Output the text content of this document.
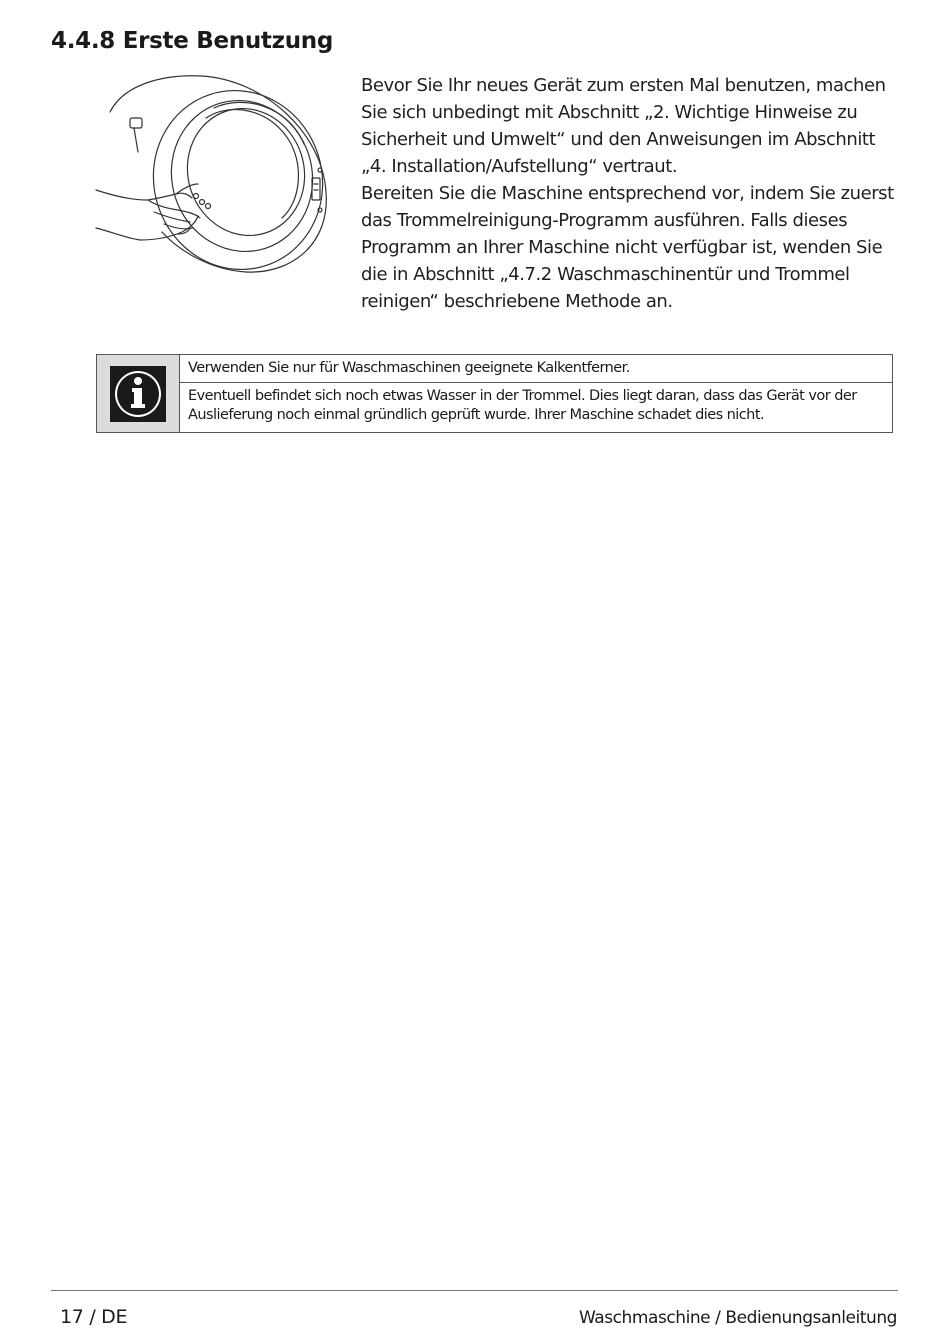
4.4.8 Erste Benutzung

Bevor Sie Ihr neues Gerät zum ersten Mal benutzen, machen Sie sich unbedingt mit Abschnitt „2. Wichtige Hinweise zu Sicherheit und Umwelt“ und den Anweisungen im Abschnitt „4. Installation/Aufstellung“ vertraut.

Bereiten Sie die Maschine entsprechend vor, indem Sie zuerst das Trommelreinigung-Programm ausführen. Falls dieses Programm an Ihrer Maschine nicht verfügbar ist, wenden Sie die in Abschnitt „4.7.2 Waschmaschinentür und Trommel reinigen“ beschriebene Methode an.

Verwenden Sie nur für Waschmaschinen geeignete Kalkentferner.
Eventuell befindet sich noch etwas Wasser in der Trommel. Dies liegt daran, dass das Gerät vor der Auslieferung noch einmal gründlich geprüft wurde. Ihrer Maschine schadet dies nicht.
17 / DE	Waschmaschine / Bedienungsanleitung
